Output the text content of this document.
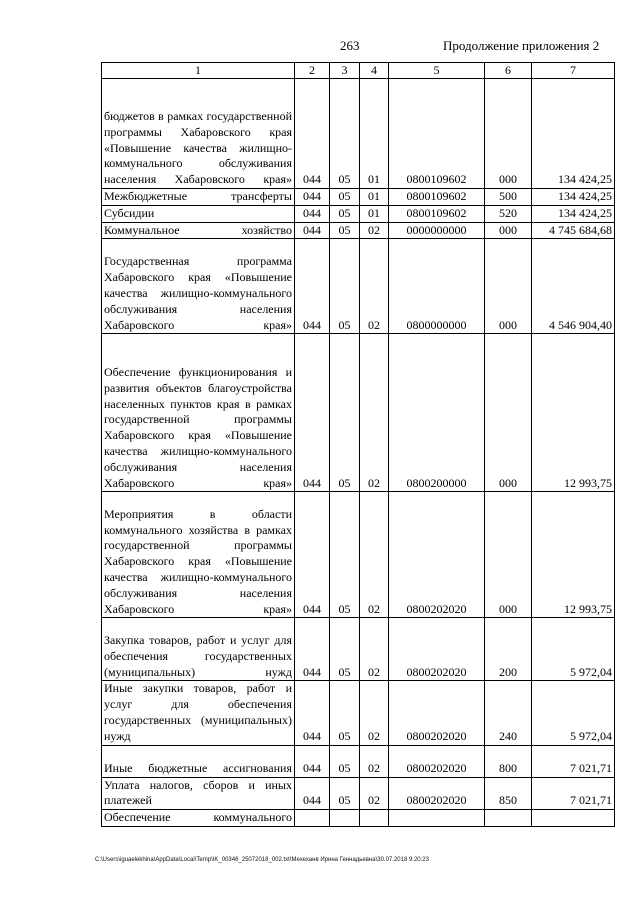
263	Продолжение приложения 2
1	2	3	4	5	6	7
бюджетов в рамках государственной программы Хабаровского края «Повышение качества жилищно-коммунального обслуживания населения Хабаровского края»	044	05	01	0800109602	000	134 424,25
Межбюджетные трансферты	044	05	01	0800109602	500	134 424,25
Субсидии	044	05	01	0800109602	520	134 424,25
Коммунальное хозяйство	044	05	02	0000000000	000	4 745 684,68
Государственная программа Хабаровского края «Повышение качества жилищно-коммунального обслуживания населения Хабаровского края»	044	05	02	0800000000	000	4 546 904,40
Обеспечение функционирования и развития объектов благоустройства населенных пунктов края в рамках государственной программы Хабаровского края «Повышение качества жилищно-коммунального обслуживания населения Хабаровского края»	044	05	02	0800200000	000	12 993,75
Мероприятия в области коммунального хозяйства в рамках государственной программы Хабаровского края «Повышение качества жилищно-коммунального обслуживания населения Хабаровского края»	044	05	02	0800202020	000	12 993,75
Закупка товаров, работ и услуг для обеспечения государственных (муниципальных) нужд	044	05	02	0800202020	200	5 972,04
Иные закупки товаров, работ и услуг для обеспечения государственных (муниципальных) нужд	044	05	02	0800202020	240	5 972,04
Иные бюджетные ассигнования	044	05	02	0800202020	800	7 021,71
Уплата налогов, сборов и иных платежей	044	05	02	0800202020	850	7 021,71
Обеспечение коммунального						
C:\Users\iguaelekhina\AppData\Local\Temp\IK_00346_25072018_002.txt\Мехеханв Ирина Геннадьевна\30.07.2018 9:20:23
